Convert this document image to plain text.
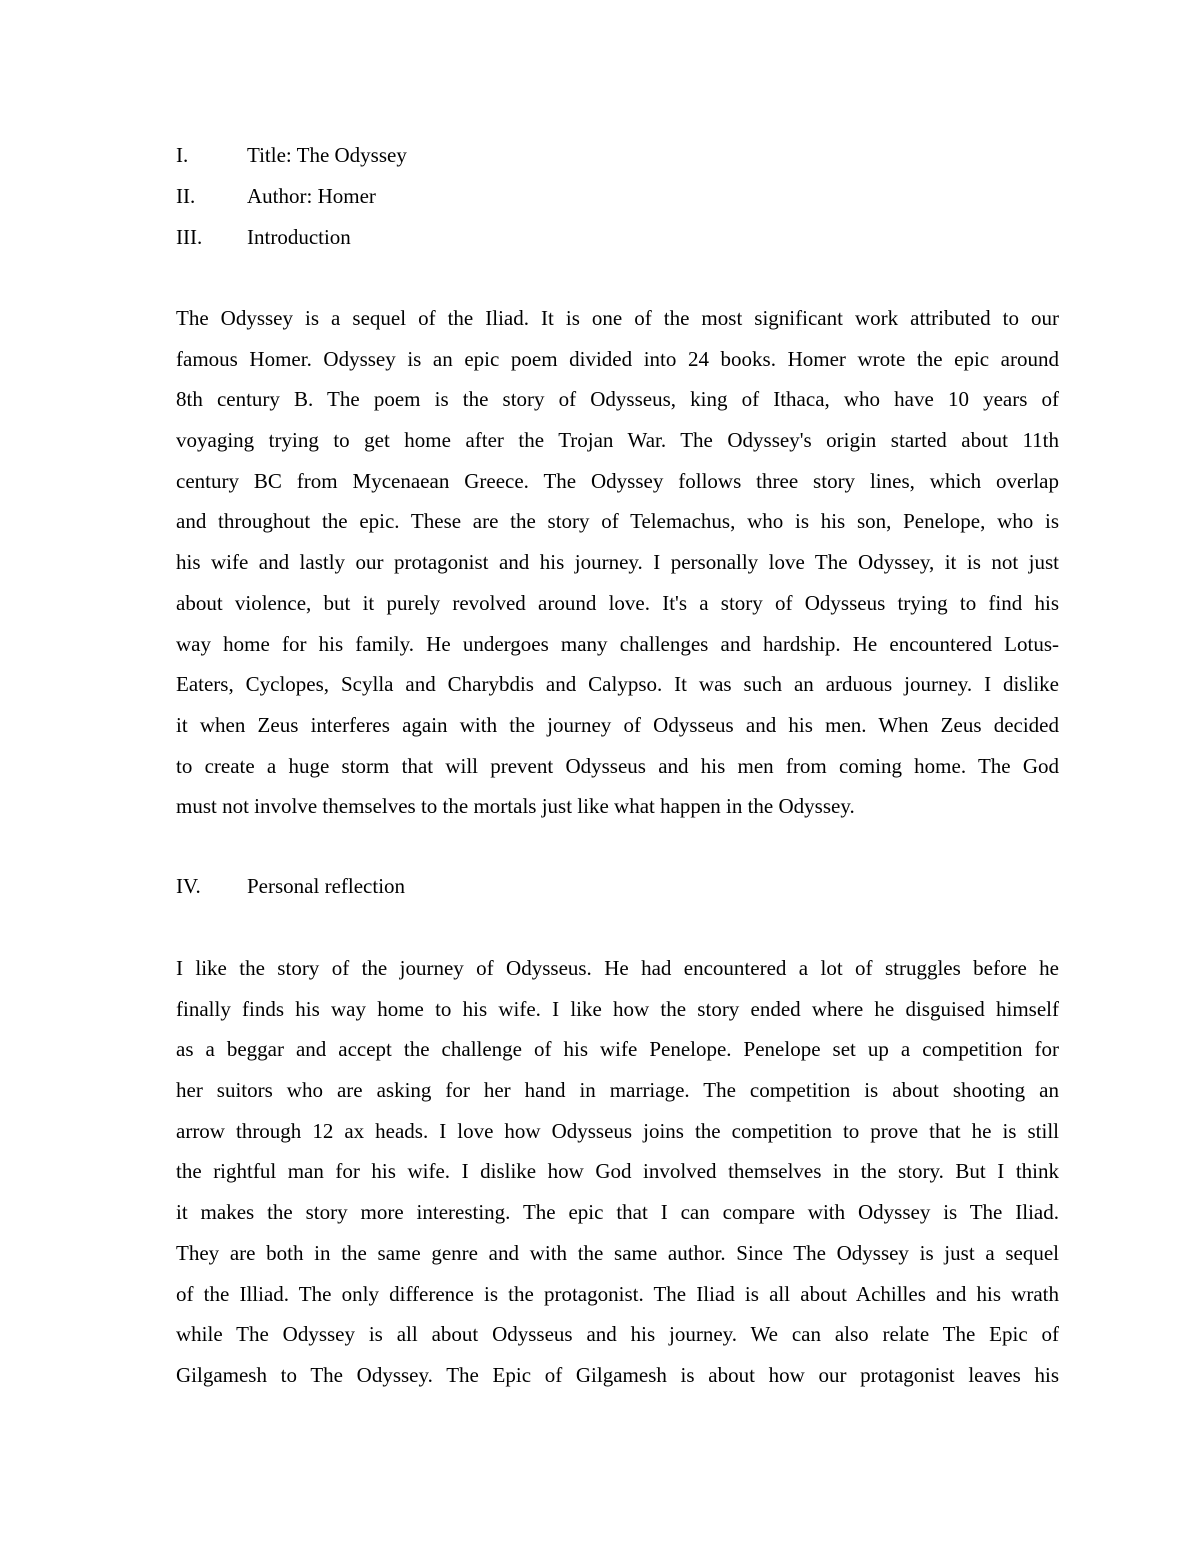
I.	Title: The Odyssey
II. Author: Homer
III. Introduction
The Odyssey is a sequel of the Iliad. It is one of the most significant work attributed to our
famous Homer. Odyssey is an epic poem divided into 24 books. Homer wrote the epic around
8th century B. The poem is the story of Odysseus, king of Ithaca, who have 10 years of
voyaging trying to get home after the Trojan War. The Odyssey's origin started about 11th
century BC from Mycenaean Greece. The Odyssey follows three story lines, which overlap
and throughout the epic. These are the story of Telemachus, who is his son, Penelope, who is
his wife and lastly our protagonist and his journey. I personally love The Odyssey, it is not just
about violence, but it purely revolved around love. It's a story of Odysseus trying to find his
way home for his family. He undergoes many challenges and hardship. He encountered Lotus-
Eaters, Cyclopes, Scylla and Charybdis and Calypso. It was such an arduous journey. I dislike
it when Zeus interferes again with the journey of Odysseus and his men. When Zeus decided
to create a huge storm that will prevent Odysseus and his men from coming home. The God
must not involve themselves to the mortals just like what happen in the Odyssey.
IV. Personal reflection
I like the story of the journey of Odysseus. He had encountered a lot of struggles before he
finally finds his way home to his wife. I like how the story ended where he disguised himself
as a beggar and accept the challenge of his wife Penelope. Penelope set up a competition for
her suitors who are asking for her hand in marriage. The competition is about shooting an
arrow through 12 ax heads. I love how Odysseus joins the competition to prove that he is still
the rightful man for his wife. I dislike how God involved themselves in the story. But I think
it makes the story more interesting. The epic that I can compare with Odyssey is The Iliad.
They are both in the same genre and with the same author. Since The Odyssey is just a sequel
of the Illiad. The only difference is the protagonist. The Iliad is all about Achilles and his wrath
while The Odyssey is all about Odysseus and his journey. We can also relate The Epic of
Gilgamesh to The Odyssey. The Epic of Gilgamesh is about how our protagonist leaves his
